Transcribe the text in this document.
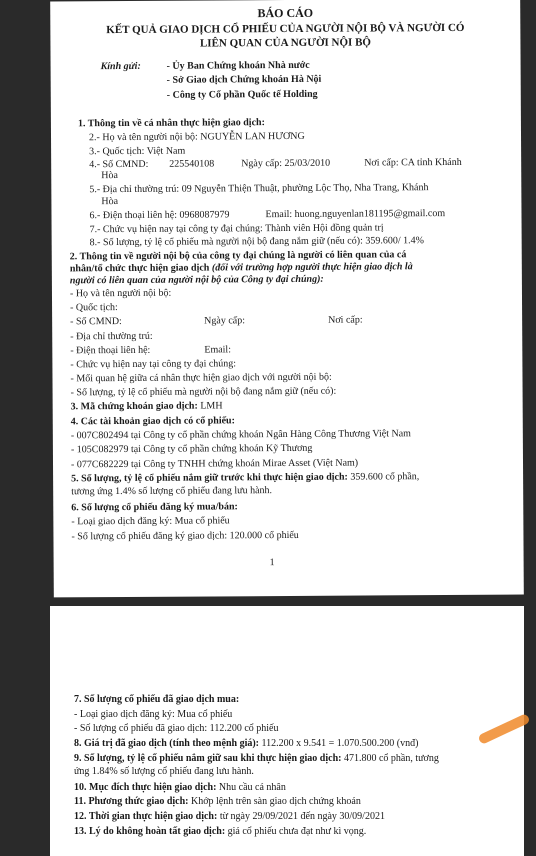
BÁO CÁO
KẾT QUẢ GIAO DỊCH CỔ PHIẾU CỦA NGƯỜI NỘI BỘ VÀ NGƯỜI CÓ
LIÊN QUAN CỦA NGƯỜI NỘI BỘ
Kính gửi:	- Ủy Ban Chứng khoán Nhà nước
- Sở Giao dịch Chứng khoán Hà Nội
- Công ty Cổ phần Quốc tế Holding
1. Thông tin về cá nhân thực hiện giao dịch:
2.- Họ và tên người nội bộ: NGUYỄN LAN HƯƠNG
3.- Quốc tịch: Việt Nam
4.- Số CMND: 225540108	Ngày cấp: 25/03/2010	Nơi cấp: CA tỉnh Khánh
Hòa
5.- Địa chỉ thường trú: 09 Nguyễn Thiện Thuật, phường Lộc Thọ, Nha Trang, Khánh
Hòa
6.- Điện thoại liên hệ: 0968087979	Email: huong.nguyenlan181195@gmail.com
7.- Chức vụ hiện nay tại công ty đại chúng: Thành viên Hội đồng quản trị
8.- Số lượng, tỷ lệ cổ phiếu mà người nội bộ đang nắm giữ (nếu có): 359.600/ 1.4%
2. Thông tin về người nội bộ của công ty đại chúng là người có liên quan của cá
nhân/tổ chức thực hiện giao dịch (đối với trường hợp người thực hiện giao dịch là
người có liên quan của người nội bộ của Công ty đại chúng):
- Họ và tên người nội bộ:
- Quốc tịch:
- Số CMND:	Ngày cấp:	Nơi cấp:
- Địa chỉ thường trú:
- Điện thoại liên hệ:	Email:
- Chức vụ hiện nay tại công ty đại chúng:
- Mối quan hệ giữa cá nhân thực hiện giao dịch với người nội bộ:
- Số lượng, tỷ lệ cổ phiếu mà người nội bộ đang nắm giữ (nếu có):
3. Mã chứng khoán giao dịch: LMH
4. Các tài khoản giao dịch có cổ phiếu:
- 007C802494 tại Công ty cổ phần chứng khoán Ngân Hàng Công Thương Việt Nam
- 105C082979 tại Công ty cổ phần chứng khoán Kỹ Thương
- 077C682229 tại Công ty TNHH chứng khoán Mirae Asset (Việt Nam)
5. Số lượng, tỷ lệ cổ phiếu nắm giữ trước khi thực hiện giao dịch: 359.600 cổ phần,
tương ứng 1.4% số lượng cổ phiếu đang lưu hành.
6. Số lượng cổ phiếu đăng ký mua/bán:
- Loại giao dịch đăng ký: Mua cổ phiếu
- Số lượng cổ phiếu đăng ký giao dịch: 120.000 cổ phiếu
1
7. Số lượng cổ phiếu đã giao dịch mua:
- Loại giao dịch đăng ký: Mua cổ phiếu
- Số lượng cổ phiếu đã giao dịch: 112.200 cổ phiếu
8. Giá trị đã giao dịch (tính theo mệnh giá): 112.200 x 9.541 = 1.070.500.200 (vnđ)
9. Số lượng, tỷ lệ cổ phiếu nắm giữ sau khi thực hiện giao dịch: 471.800 cổ phần, tương
ứng 1.84% số lượng cổ phiếu đang lưu hành.
10. Mục đích thực hiện giao dịch: Nhu cầu cá nhân
11. Phương thức giao dịch: Khớp lệnh trên sàn giao dịch chứng khoán
12. Thời gian thực hiện giao dịch: từ ngày 29/09/2021 đến ngày 30/09/2021
13. Lý do không hoàn tất giao dịch: giá cổ phiếu chưa đạt như kì vọng.
